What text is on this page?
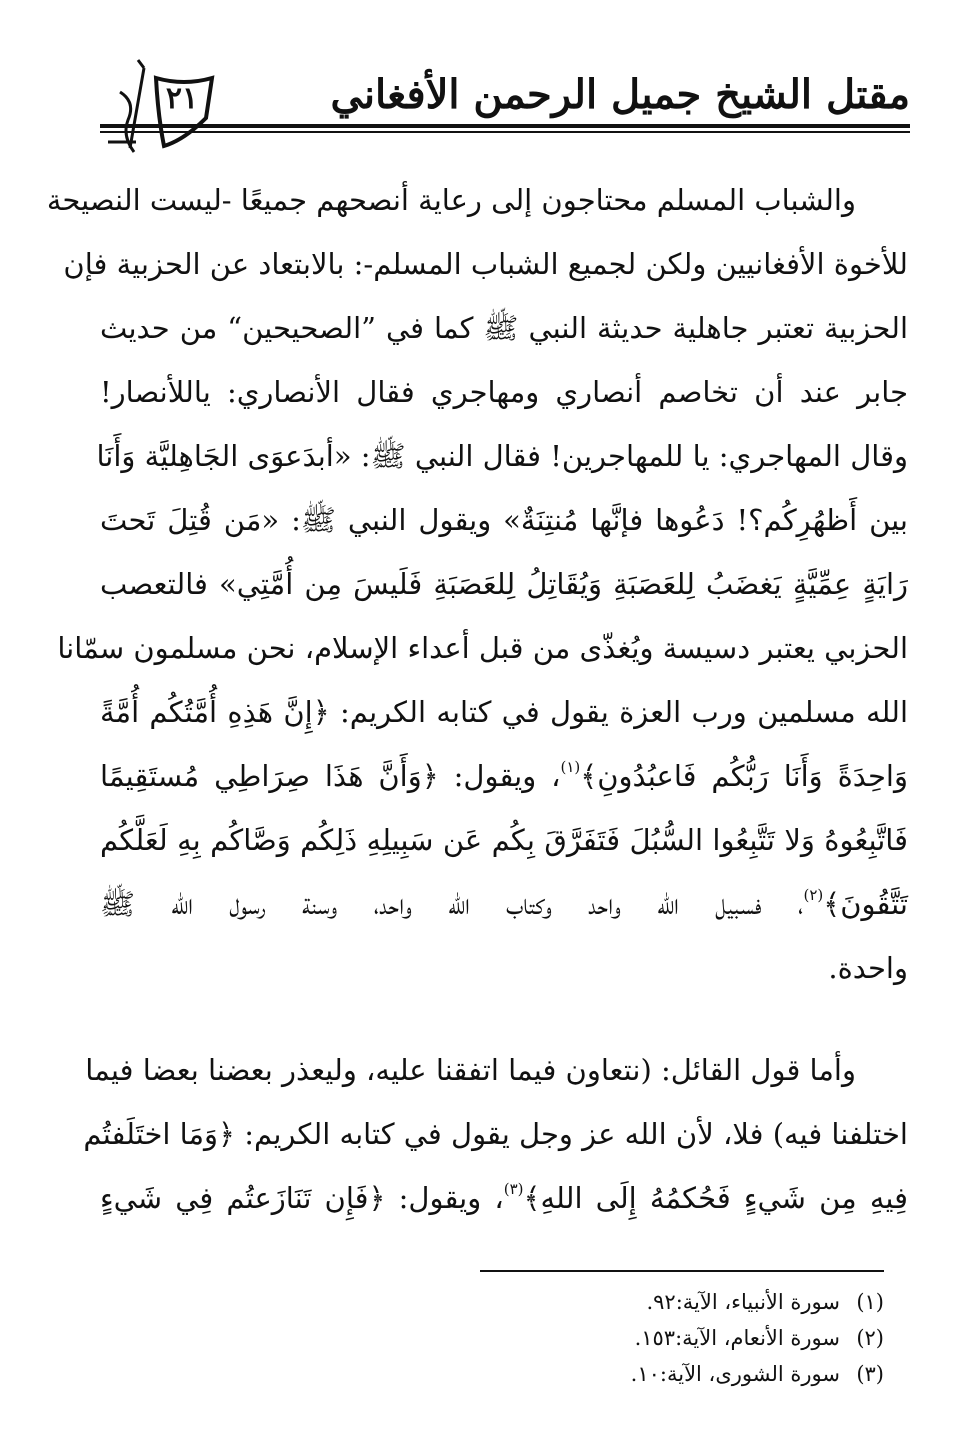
٢١	مقتل الشيخ جميل الرحمن الأفغاني
والشباب المسلم محتاجون إلى رعاية أنصحهم جميعًا -ليست النصيحة
للأخوة الأفغانيين ولكن لجميع الشباب المسلم-: بالابتعاد عن الحزبية فإن
الحزبية تعتبر جاهلية حديثة النبي ﷺ كما في ”الصحيحين“ من حديث
جابر عند أن تخاصم أنصاري ومهاجري فقال الأنصاري: ياللأنصار!
وقال المهاجري: يا للمهاجرين! فقال النبي ﷺ: «أبدَعوَى الجَاهِليَّة وَأَنَا
بين أَظهُرِكُم؟! دَعُوها فإنَّها مُنتِنَةٌ» ويقول النبي ﷺ: «مَن قُتِلَ تَحتَ
رَايَةٍ عِمِّيَّةٍ يَغضَبُ لِلعَصَبَةِ وَيُقَاتِلُ لِلعَصَبَةِ فَلَيسَ مِن أُمَّتِي» فالتعصب
الحزبي يعتبر دسيسة ويُغذّى من قبل أعداء الإسلام، نحن مسلمون سمّانا
الله مسلمين ورب العزة يقول في كتابه الكريم: ﴿إِنَّ هَذِهِ أُمَّتُكُم أُمَّةً
وَاحِدَةً وَأَنَا رَبُّكُم فَاعبُدُونِ﴾$^{(١)}$، ويقول: ﴿وَأَنَّ هَذَا صِرَاطِي مُستَقِيمًا
فَاتَّبِعُوهُ وَلا تَتَّبِعُوا السُّبُلَ فَتَفَرَّقَ بِكُم عَن سَبِيلِهِ ذَلِكُم وَصَّاكُم بِهِ لَعَلَّكُم
تَتَّقُونَ﴾$^{(٢)}$، فسبيل الله واحد وكتاب الله واحد، وسنة رسول الله ﷺ
واحدة.
وأما قول القائل: (نتعاون فيما اتفقنا عليه، وليعذر بعضنا بعضا فيما
اختلفنا فيه) فلا، لأن الله عز وجل يقول في كتابه الكريم: ﴿وَمَا اختَلَفتُم
فِيهِ مِن شَيءٍ فَحُكمُهُ إِلَى اللهِ﴾$^{(٣)}$، ويقول: ﴿فَإِن تَنَازَعتُم فِي شَيءٍ
(١)سورة الأنبياء، الآية:٩٢.
(٢)سورة الأنعام، الآية:١٥٣.
(٣)سورة الشورى، الآية:١٠.
